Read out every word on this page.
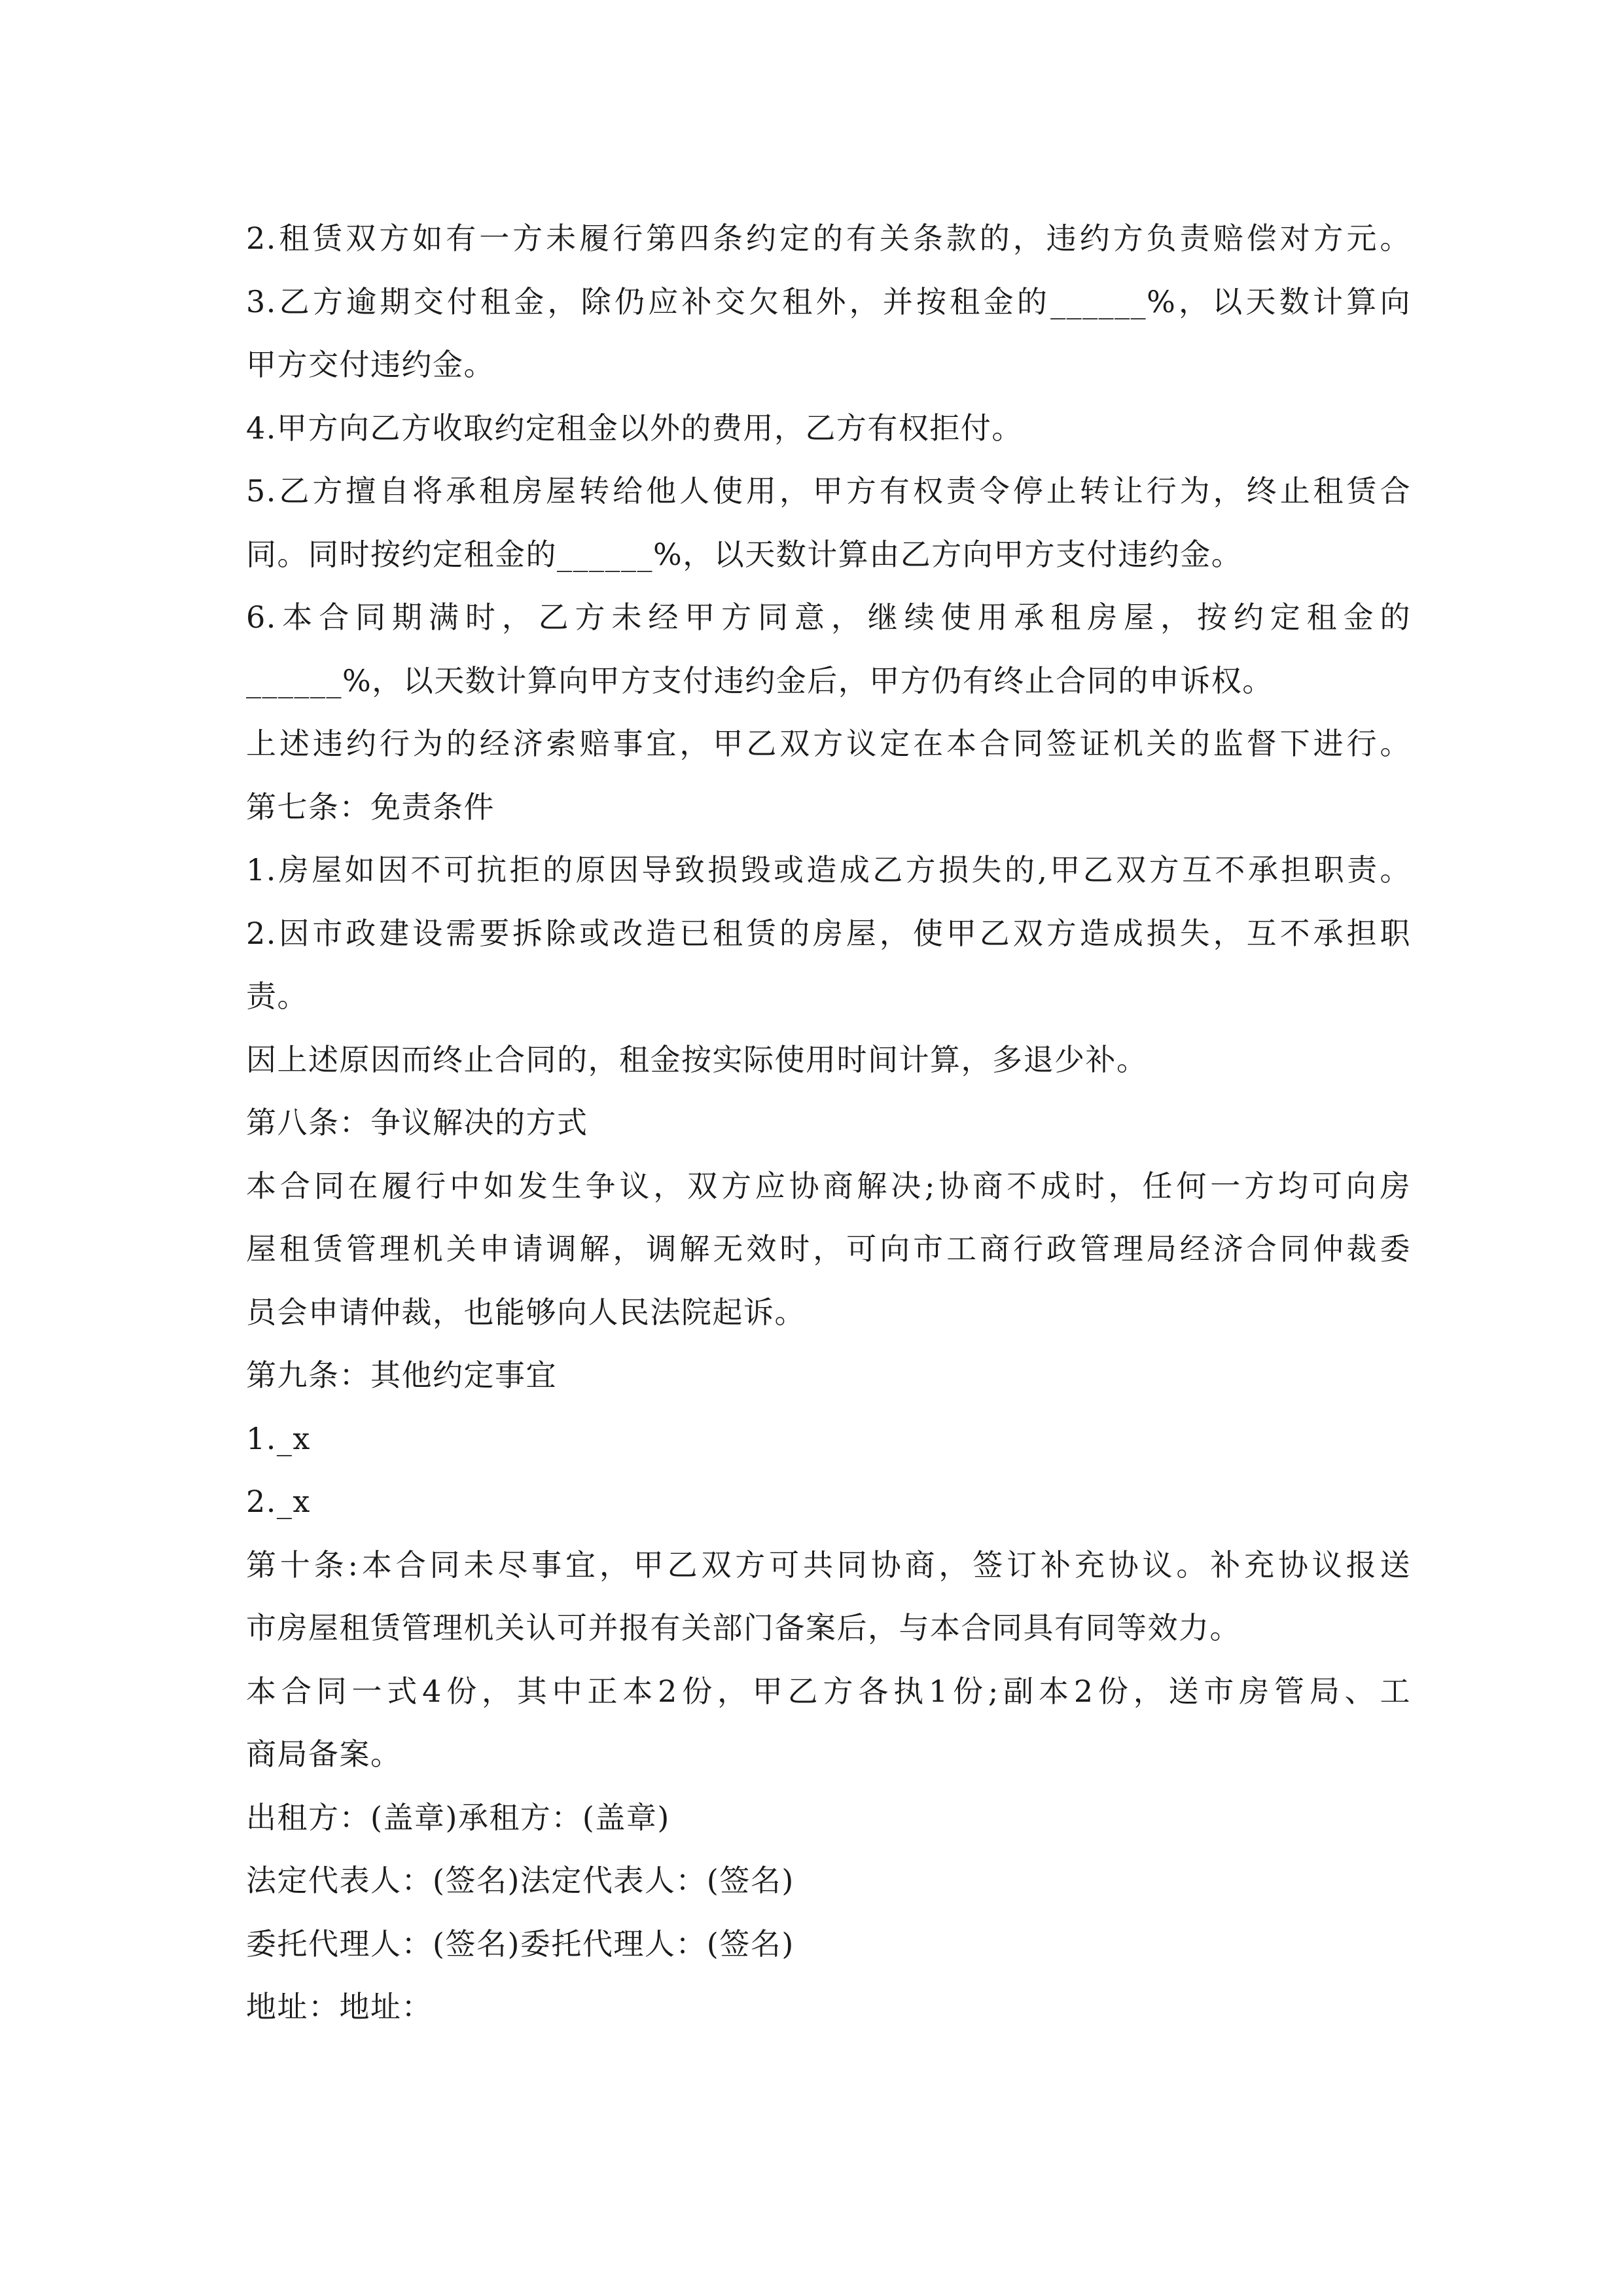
2.租赁双方如有一方未履行第四条约定的有关条款的，违约方负责赔偿对方元。
3.乙方逾期交付租金，除仍应补交欠租外，并按租金的______%，以天数计算向
甲方交付违约金。
4.甲方向乙方收取约定租金以外的费用，乙方有权拒付。
5.乙方擅自将承租房屋转给他人使用，甲方有权责令停止转让行为，终止租赁合
同。同时按约定租金的______%，以天数计算由乙方向甲方支付违约金。
6.本合同期满时，乙方未经甲方同意，继续使用承租房屋，按约定租金的
______%，以天数计算向甲方支付违约金后，甲方仍有终止合同的申诉权。
上述违约行为的经济索赔事宜，甲乙双方议定在本合同签证机关的监督下进行。
第七条：免责条件
1.房屋如因不可抗拒的原因导致损毁或造成乙方损失的,甲乙双方互不承担职责。
2.因市政建设需要拆除或改造已租赁的房屋，使甲乙双方造成损失，互不承担职
责。
因上述原因而终止合同的，租金按实际使用时间计算，多退少补。
第八条：争议解决的方式
本合同在履行中如发生争议，双方应协商解决;协商不成时，任何一方均可向房
屋租赁管理机关申请调解，调解无效时，可向市工商行政管理局经济合同仲裁委
员会申请仲裁，也能够向人民法院起诉。
第九条：其他约定事宜
1._x
2._x
第十条:本合同未尽事宜，甲乙双方可共同协商，签订补充协议。补充协议报送
市房屋租赁管理机关认可并报有关部门备案后，与本合同具有同等效力。
本合同一式4份，其中正本2份，甲乙方各执1份;副本2份，送市房管局、工
商局备案。
出租方：(盖章)承租方：(盖章)
法定代表人：(签名)法定代表人：(签名)
委托代理人：(签名)委托代理人：(签名)
地址：地址：
